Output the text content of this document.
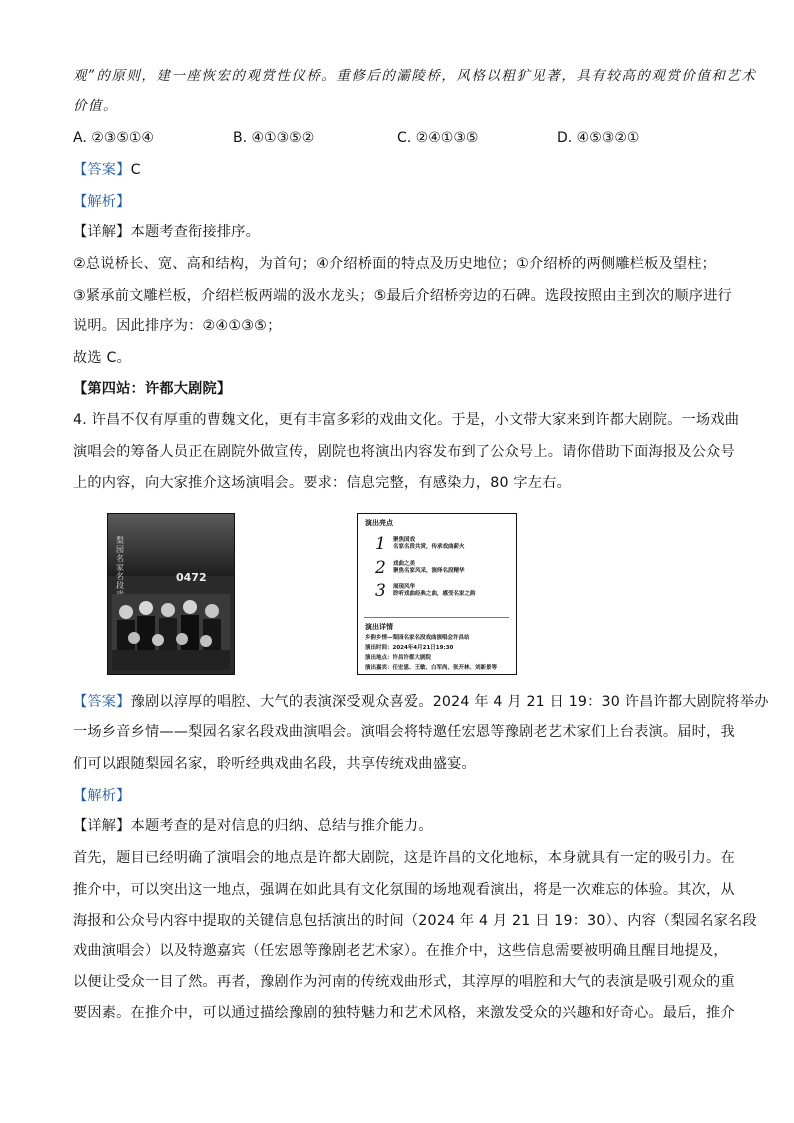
观”的原则，建一座恢宏的观赏性仪桥。重修后的灞陵桥，风格以粗犷见著，具有较高的观赏价值和艺术
价值。
A. ②③⑤①④	B. ④①③⑤②	C. ②④①③⑤	D. ④⑤③②①
【答案】C
【解析】
【详解】本题考查衔接排序。
②总说桥长、宽、高和结构，为首句；④介绍桥面的特点及历史地位；①介绍桥的两侧雕栏板及望柱；
③紧承前文雕栏板，介绍栏板两端的汲水龙头；⑤最后介绍桥旁边的石碑。选段按照由主到次的顺序进行
说明。因此排序为：②④①③⑤；
故选 C。
【第四站：许都大剧院】
4. 许昌不仅有厚重的曹魏文化，更有丰富多彩的戏曲文化。于是，小文带大家来到许都大剧院。一场戏曲
演唱会的筹备人员正在剧院外做宣传，剧院也将演出内容发布到了公众号上。请你借助下面海报及公众号
上的内容，向大家推介这场演唱会。要求：信息完整，有感染力，80 字左右。
梨园名家名段
0472
演出亮点
1 聚焦国戏
名家名段共赏，传承戏曲薪火
2 戏曲之美
聚焦名家风采，演绎名段精华
3 展现风华
聆听戏曲经典之曲，感受名家之韵
演出详情
乡韵乡情—梨园名家名段戏曲演唱会许昌站
演出时间：2024年4月21日19:30
演出地点：许昌许都大剧院
演出嘉宾：任宏恩、王敏、白军尚、张开林、刘新景等
【答案】豫剧以淳厚的唱腔、大气的表演深受观众喜爱。2024 年 4 月 21 日 19：30 许昌许都大剧院将举办
一场乡音乡情——梨园名家名段戏曲演唱会。演唱会将特邀任宏恩等豫剧老艺术家们上台表演。届时，我
们可以跟随梨园名家，聆听经典戏曲名段，共享传统戏曲盛宴。
【解析】
【详解】本题考查的是对信息的归纳、总结与推介能力。
首先，题目已经明确了演唱会的地点是许都大剧院，这是许昌的文化地标，本身就具有一定的吸引力。在
推介中，可以突出这一地点，强调在如此具有文化氛围的场地观看演出，将是一次难忘的体验。其次，从
海报和公众号内容中提取的关键信息包括演出的时间（2024 年 4 月 21 日 19：30）、内容（梨园名家名段
戏曲演唱会）以及特邀嘉宾（任宏恩等豫剧老艺术家）。在推介中，这些信息需要被明确且醒目地提及，
以便让受众一目了然。再者，豫剧作为河南的传统戏曲形式，其淳厚的唱腔和大气的表演是吸引观众的重
要因素。在推介中，可以通过描绘豫剧的独特魅力和艺术风格，来激发受众的兴趣和好奇心。最后，推介
